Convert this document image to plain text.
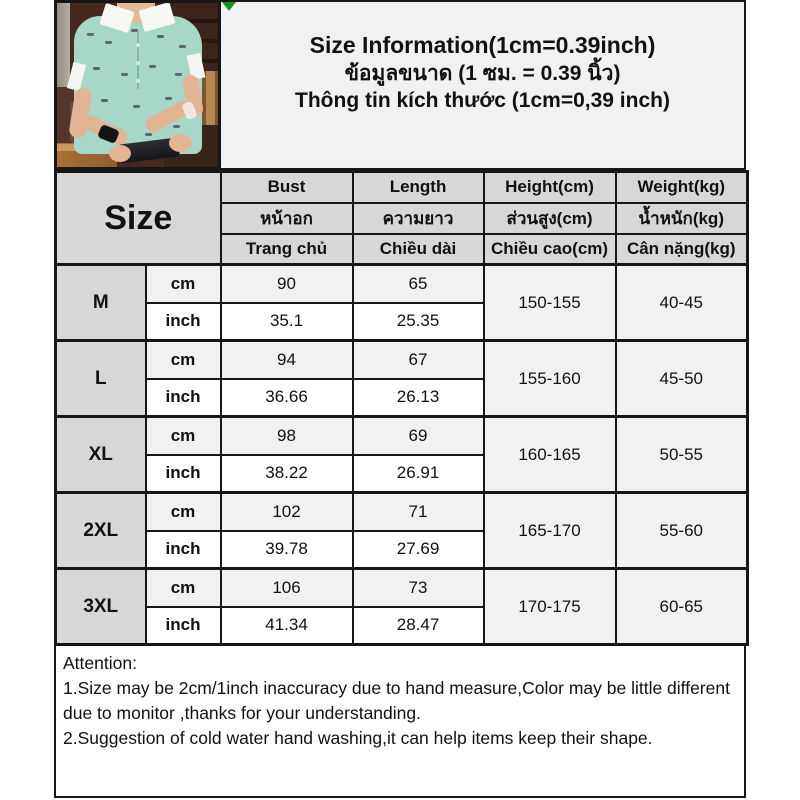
Size Information(1cm=0.39inch)
ข้อมูลขนาด (1 ซม. = 0.39 นิ้ว)
Thông tin kích thước (1cm=0,39 inch)
Size		Bust	Length	Height(cm)	Weight(kg)
		หน้าอก	ความยาว	ส่วนสูง(cm)	น้ำหนัก(kg)
		Trang chủ	Chiều dài	Chiều cao(cm)	Cân nặng(kg)
M	cm	90	65	150-155	40-45
	inch	35.1	25.35		
L	cm	94	67	155-160	45-50
	inch	36.66	26.13		
XL	cm	98	69	160-165	50-55
	inch	38.22	26.91		
2XL	cm	102	71	165-170	55-60
	inch	39.78	27.69		
3XL	cm	106	73	170-175	60-65
	inch	41.34	28.47		
Attention:
1.Size may be 2cm/1inch inaccuracy due to hand measure,Color may be little different due to monitor ,thanks for your understanding.
2.Suggestion of cold water hand washing,it can help items keep their shape.
